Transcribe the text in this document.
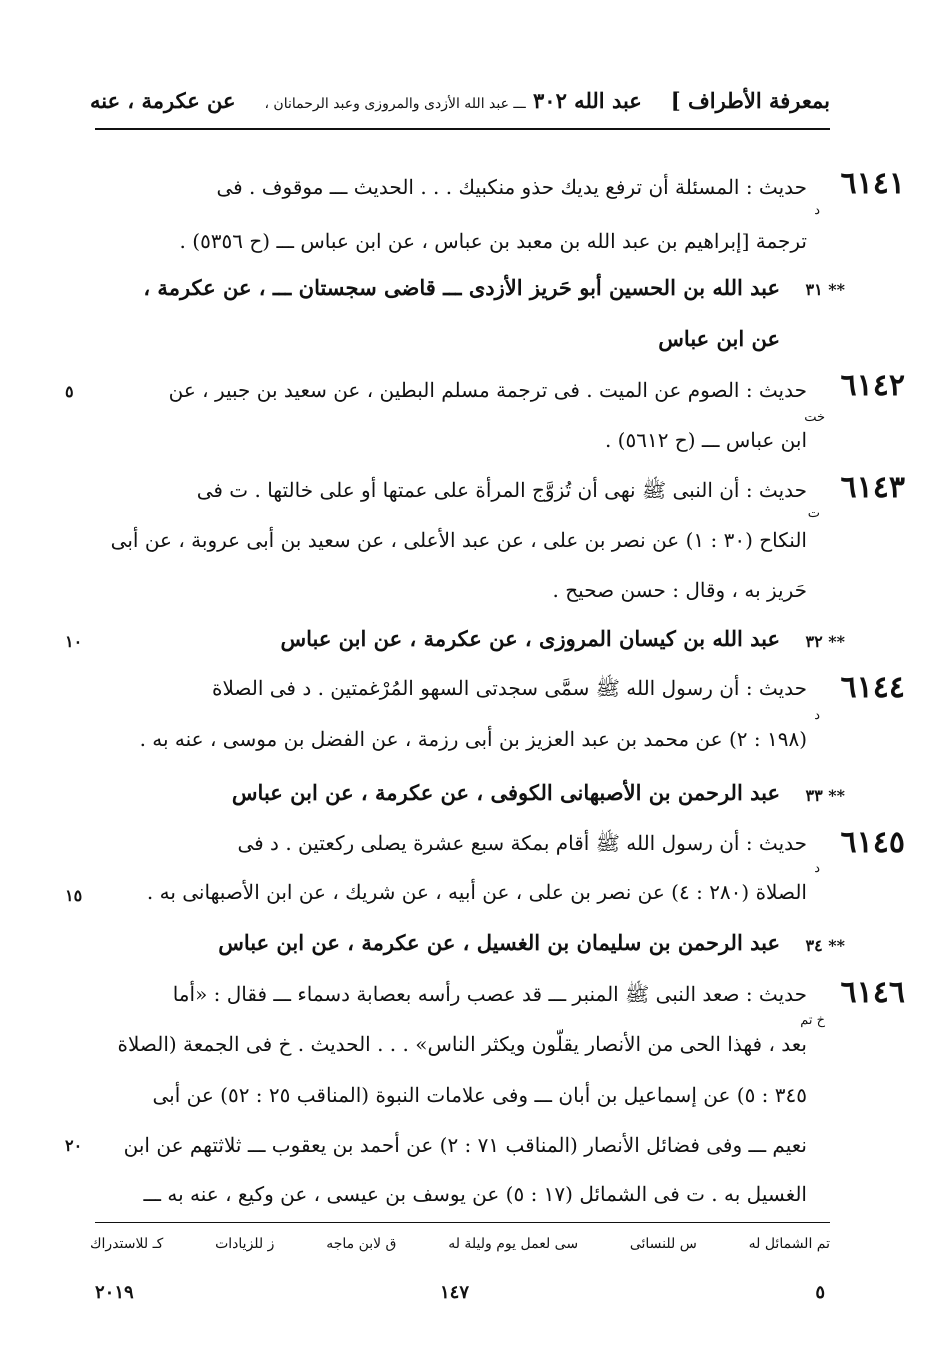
بمعرفة الأطراف ]
عبد الله ٣٠٢ ـــ عبد الله الأزدى والمروزى وعبد الرحمانان ،
عن عكرمة ، عنه
٦١٤١
د
حديث : المسئلة أن ترفع يديك حذو منكبيك . . . الحديث ـــ موقوف . فى
ترجمة [إبراهيم بن عبد الله بن معبد بن عباس ، عن ابن عباس ـــ (ح ٥٣٥٦) .
٣١ **
عبد الله بن الحسين أبو حَريز الأزدى ـــ قاضى سجستان ـــ ، عن عكرمة ،
عن ابن عباس
٦١٤٢
خت
حديث : الصوم عن الميت . فى ترجمة مسلم البطين ، عن سعيد بن جبير ، عن
ابن عباس ـــ (ح ٥٦١٢) .
٦١٤٣
ت
حديث : أن النبى ﷺ نهى أن تُزوَّج المرأة على عمتها أو على خالتها . ت فى
النكاح (٣٠ : ١) عن نصر بن على ، عن عبد الأعلى ، عن سعيد بن أبى عروبة ، عن أبى
حَريز به ، وقال : حسن صحيح .
٣٢ **
عبد الله بن كيسان المروزى ، عن عكرمة ، عن ابن عباس
٦١٤٤
د
حديث : أن رسول الله ﷺ سمَّى سجدتى السهو المُرْغمتين . د فى الصلاة
(١٩٨ : ٢) عن محمد بن عبد العزيز بن أبى رزمة ، عن الفضل بن موسى ، عنه به .
٣٣ **
عبد الرحمن بن الأصبهانى الكوفى ، عن عكرمة ، عن ابن عباس
٦١٤٥
د
حديث : أن رسول الله ﷺ أقام بمكة سبع عشرة يصلى ركعتين . د فى
الصلاة (٢٨٠ : ٤) عن نصر بن على ، عن أبيه ، عن شريك ، عن ابن الأصبهانى به .
٣٤ **
عبد الرحمن بن سليمان بن الغسيل ، عن عكرمة ، عن ابن عباس
٦١٤٦
خ تم
حديث : صعد النبى ﷺ المنبر ـــ قد عصب رأسه بعصابة دسماء ـــ فقال : «أما
بعد ، فهذا الحى من الأنصار يقلّون ويكثر الناس» . . . الحديث . خ فى الجمعة (الصلاة
٣٤٥ : ٥) عن إسماعيل بن أبان ـــ وفى علامات النبوة (المناقب ٢٥ : ٥٢) عن أبى
نعيم ـــ وفى فضائل الأنصار (المناقب ٧١ : ٢) عن أحمد بن يعقوب ـــ ثلاثتهم عن ابن
الغسيل به . ت فى الشمائل (١٧ : ٥) عن يوسف بن عيسى ، عن وكيع ، عنه به ـــ
٥
١٠
١٥
٢٠
تم الشمائل له
س للنسائى
سى لعمل يوم وليلة له
ق لابن ماجه
ز للزيادات
كـ للاستدراك
٥
١٤٧
٢٠١٩
